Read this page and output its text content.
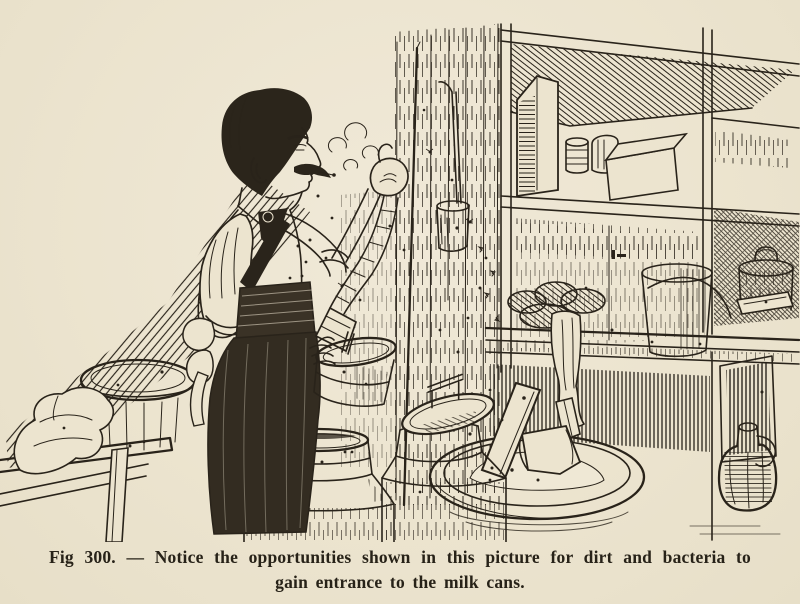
Fig 300. — Notice the opportunities shown in this picture for dirt and bacteria to
gain entrance to the milk cans.
